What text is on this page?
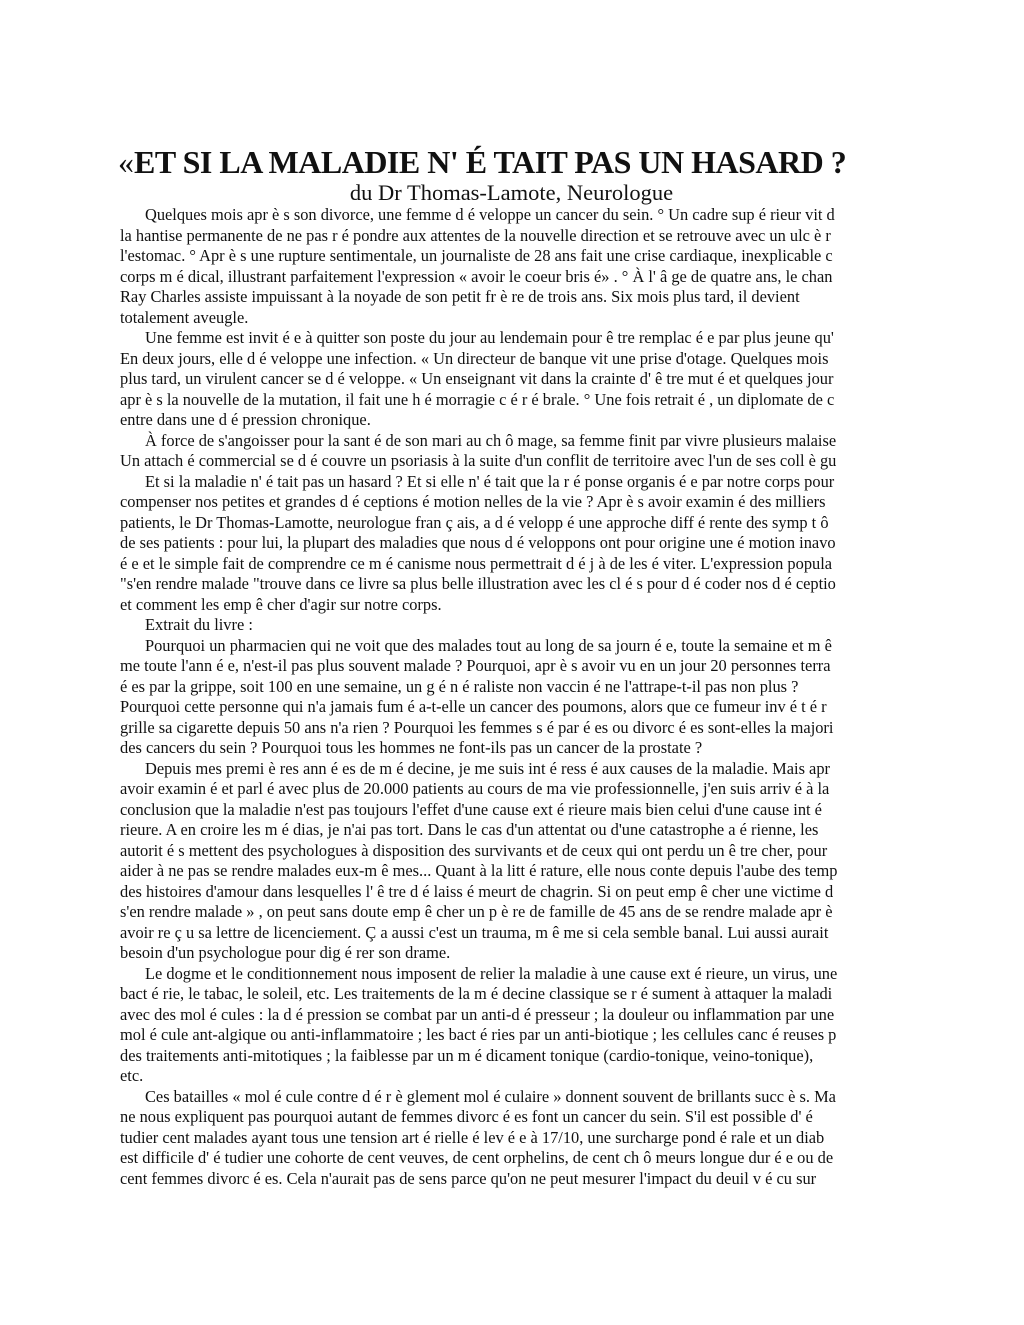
«ET SI LA MALADIE N' É TAIT PAS UN HASARD ?
du Dr Thomas-Lamote, Neurologue
Quelques mois apr è s son divorce, une femme d é veloppe un cancer du sein. ° Un cadre sup é rieur vit d
la hantise permanente de ne pas r é pondre aux attentes de la nouvelle direction et se retrouve avec un ulc è r
l'estomac. ° Apr è s une rupture sentimentale, un journaliste de 28 ans fait une crise cardiaque, inexplicable c
corps m é dical, illustrant parfaitement l'expression « avoir le coeur bris é» . ° À l' â ge de quatre ans, le chan
Ray Charles assiste impuissant à la noyade de son petit fr è re de trois ans. Six mois plus tard, il devient
totalement aveugle.
Une femme est invit é e à quitter son poste du jour au lendemain pour ê tre remplac é e par plus jeune qu'
En deux jours, elle d é veloppe une infection. « Un directeur de banque vit une prise d'otage. Quelques mois
plus tard, un virulent cancer se d é veloppe. « Un enseignant vit dans la crainte d' ê tre mut é et quelques jour
apr è s la nouvelle de la mutation, il fait une h é morragie c é r é brale. ° Une fois retrait é , un diplomate de c
entre dans une d é pression chronique.
À force de s'angoisser pour la sant é de son mari au ch ô mage, sa femme finit par vivre plusieurs malaise
Un attach é commercial se d é couvre un psoriasis à la suite d'un conflit de territoire avec l'un de ses coll è gu
Et si la maladie n' é tait pas un hasard ? Et si elle n' é tait que la r é ponse organis é e par notre corps pour
compenser nos petites et grandes d é ceptions é motion nelles de la vie ? Apr è s avoir examin é des milliers
patients, le Dr Thomas-Lamotte, neurologue fran ç ais, a d é velopp é une approche diff é rente des symp t ô
de ses patients : pour lui, la plupart des maladies que nous d é veloppons ont pour origine une é motion inavo
é e et le simple fait de comprendre ce m é canisme nous permettrait d é j à de les é viter. L'expression popula
"s'en rendre malade "trouve dans ce livre sa plus belle illustration avec les cl é s pour d é coder nos d é ceptio
et comment les emp ê cher d'agir sur notre corps.
Extrait du livre :
Pourquoi un pharmacien qui ne voit que des malades tout au long de sa journ é e, toute la semaine et m ê
me toute l'ann é e, n'est-il pas plus souvent malade ? Pourquoi, apr è s avoir vu en un jour 20 personnes terra
é es par la grippe, soit 100 en une semaine, un g é n é raliste non vaccin é ne l'attrape-t-il pas non plus ?
Pourquoi cette personne qui n'a jamais fum é a-t-elle un cancer des poumons, alors que ce fumeur inv é t é r
grille sa cigarette depuis 50 ans n'a rien ? Pourquoi les femmes s é par é es ou divorc é es sont-elles la majori
des cancers du sein ? Pourquoi tous les hommes ne font-ils pas un cancer de la prostate ?
Depuis mes premi è res ann é es de m é decine, je me suis int é ress é aux causes de la maladie. Mais apr
avoir examin é et parl é avec plus de 20.000 patients au cours de ma vie professionnelle, j'en suis arriv é à la
conclusion que la maladie n'est pas toujours l'effet d'une cause ext é rieure mais bien celui d'une cause int é
rieure. A en croire les m é dias, je n'ai pas tort. Dans le cas d'un attentat ou d'une catastrophe a é rienne, les
autorit é s mettent des psychologues à disposition des survivants et de ceux qui ont perdu un ê tre cher, pour
aider à ne pas se rendre malades eux-m ê mes... Quant à la litt é rature, elle nous conte depuis l'aube des temp
des histoires d'amour dans lesquelles l' ê tre d é laiss é meurt de chagrin. Si on peut emp ê cher une victime d
s'en rendre malade » , on peut sans doute emp ê cher un p è re de famille de 45 ans de se rendre malade apr è
avoir re ç u sa lettre de licenciement. Ç a aussi c'est un trauma, m ê me si cela semble banal. Lui aussi aurait
besoin d'un psychologue pour dig é rer son drame.
Le dogme et le conditionnement nous imposent de relier la maladie à une cause ext é rieure, un virus, une
bact é rie, le tabac, le soleil, etc. Les traitements de la m é decine classique se r é sument à attaquer la maladi
avec des mol é cules : la d é pression se combat par un anti-d é presseur ; la douleur ou inflammation par une
mol é cule ant-algique ou anti-inflammatoire ; les bact é ries par un anti-biotique ; les cellules canc é reuses p
des traitements anti-mitotiques ; la faiblesse par un m é dicament tonique (cardio-tonique, veino-tonique),
etc.
Ces batailles « mol é cule contre d é r è glement mol é culaire » donnent souvent de brillants succ è s. Ma
ne nous expliquent pas pourquoi autant de femmes divorc é es font un cancer du sein. S'il est possible d' é
tudier cent malades ayant tous une tension art é rielle é lev é e à 17/10, une surcharge pond é rale et un diab
est difficile d' é tudier une cohorte de cent veuves, de cent orphelins, de cent ch ô meurs longue dur é e ou de
cent femmes divorc é es. Cela n'aurait pas de sens parce qu'on ne peut mesurer l'impact du deuil v é cu sur
